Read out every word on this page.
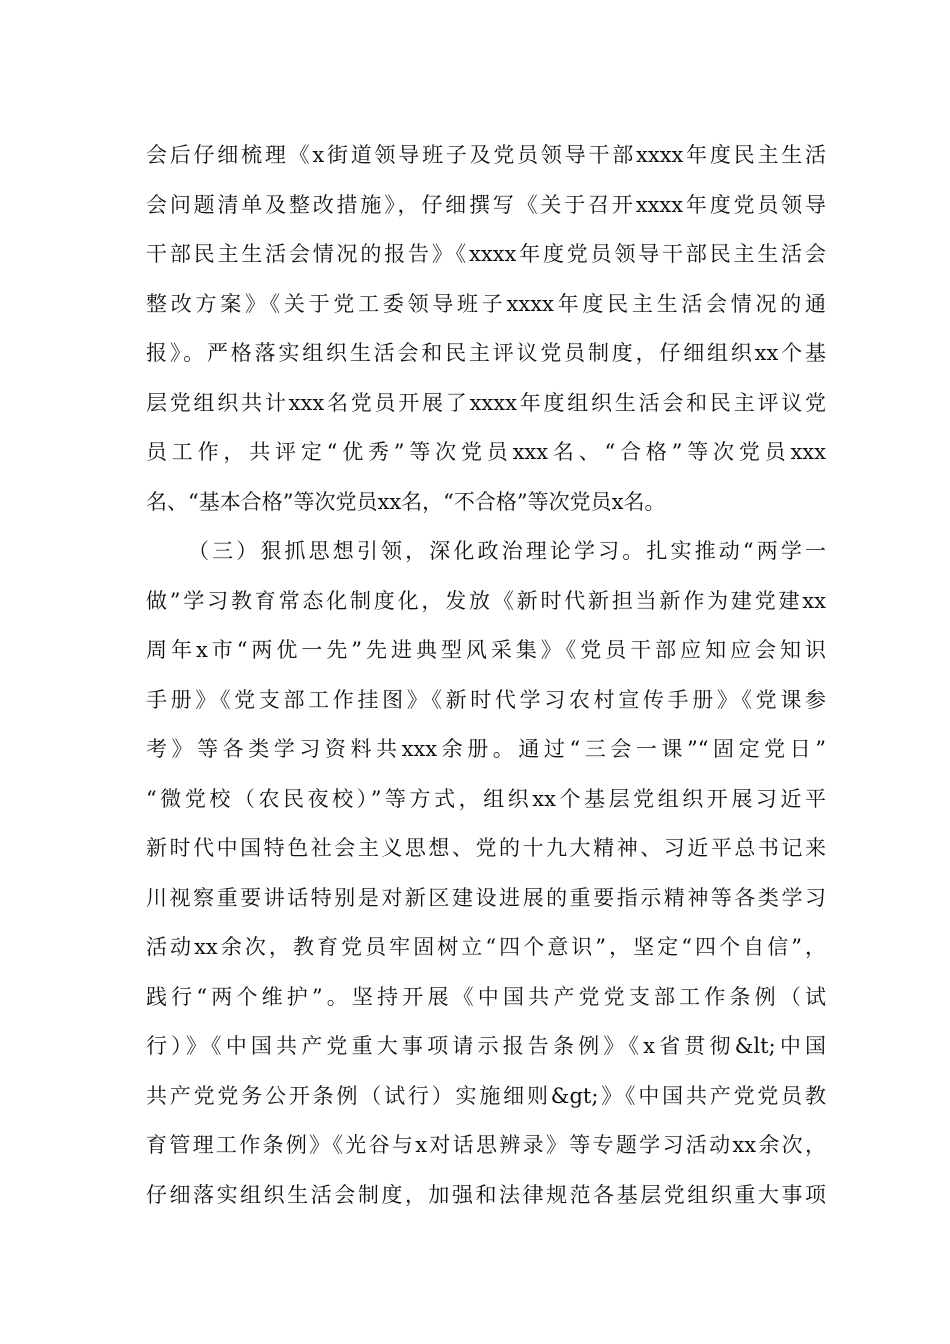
会后仔细梳理《x街道领导班子及党员领导干部xxxx年度民主生活
会问题清单及整改措施》，仔细撰写《关于召开xxxx年度党员领导
干部民主生活会情况的报告》《xxxx年度党员领导干部民主生活会
整改方案》《关于党工委领导班子xxxx年度民主生活会情况的通
报》。严格落实组织生活会和民主评议党员制度，仔细组织xx个基
层党组织共计xxx名党员开展了xxxx年度组织生活会和民主评议党
员工作，共评定“优秀”等次党员xxx名、“合格”等次党员xxx
名、“基本合格”等次党员xx名，“不合格”等次党员x名。
（三）狠抓思想引领，深化政治理论学习。扎实推动“两学一
做”学习教育常态化制度化，发放《新时代新担当新作为建党建xx
周年x市“两优一先”先进典型风采集》《党员干部应知应会知识
手册》《党支部工作挂图》《新时代学习农村宣传手册》《党课参
考》等各类学习资料共xxx余册。通过“三会一课”“固定党日”
“微党校（农民夜校）”等方式，组织xx个基层党组织开展习近平
新时代中国特色社会主义思想、党的十九大精神、习近平总书记来
川视察重要讲话特别是对新区建设进展的重要指示精神等各类学习
活动xx余次，教育党员牢固树立“四个意识”，坚定“四个自信”，
践行“两个维护”。坚持开展《中国共产党党支部工作条例（试
行）》《中国共产党重大事项请示报告条例》《x省贯彻&lt;中国
共产党党务公开条例（试行）实施细则&gt;》《中国共产党党员教
育管理工作条例》《光谷与x对话思辨录》等专题学习活动xx余次，
仔细落实组织生活会制度，加强和法律规范各基层党组织重大事项
